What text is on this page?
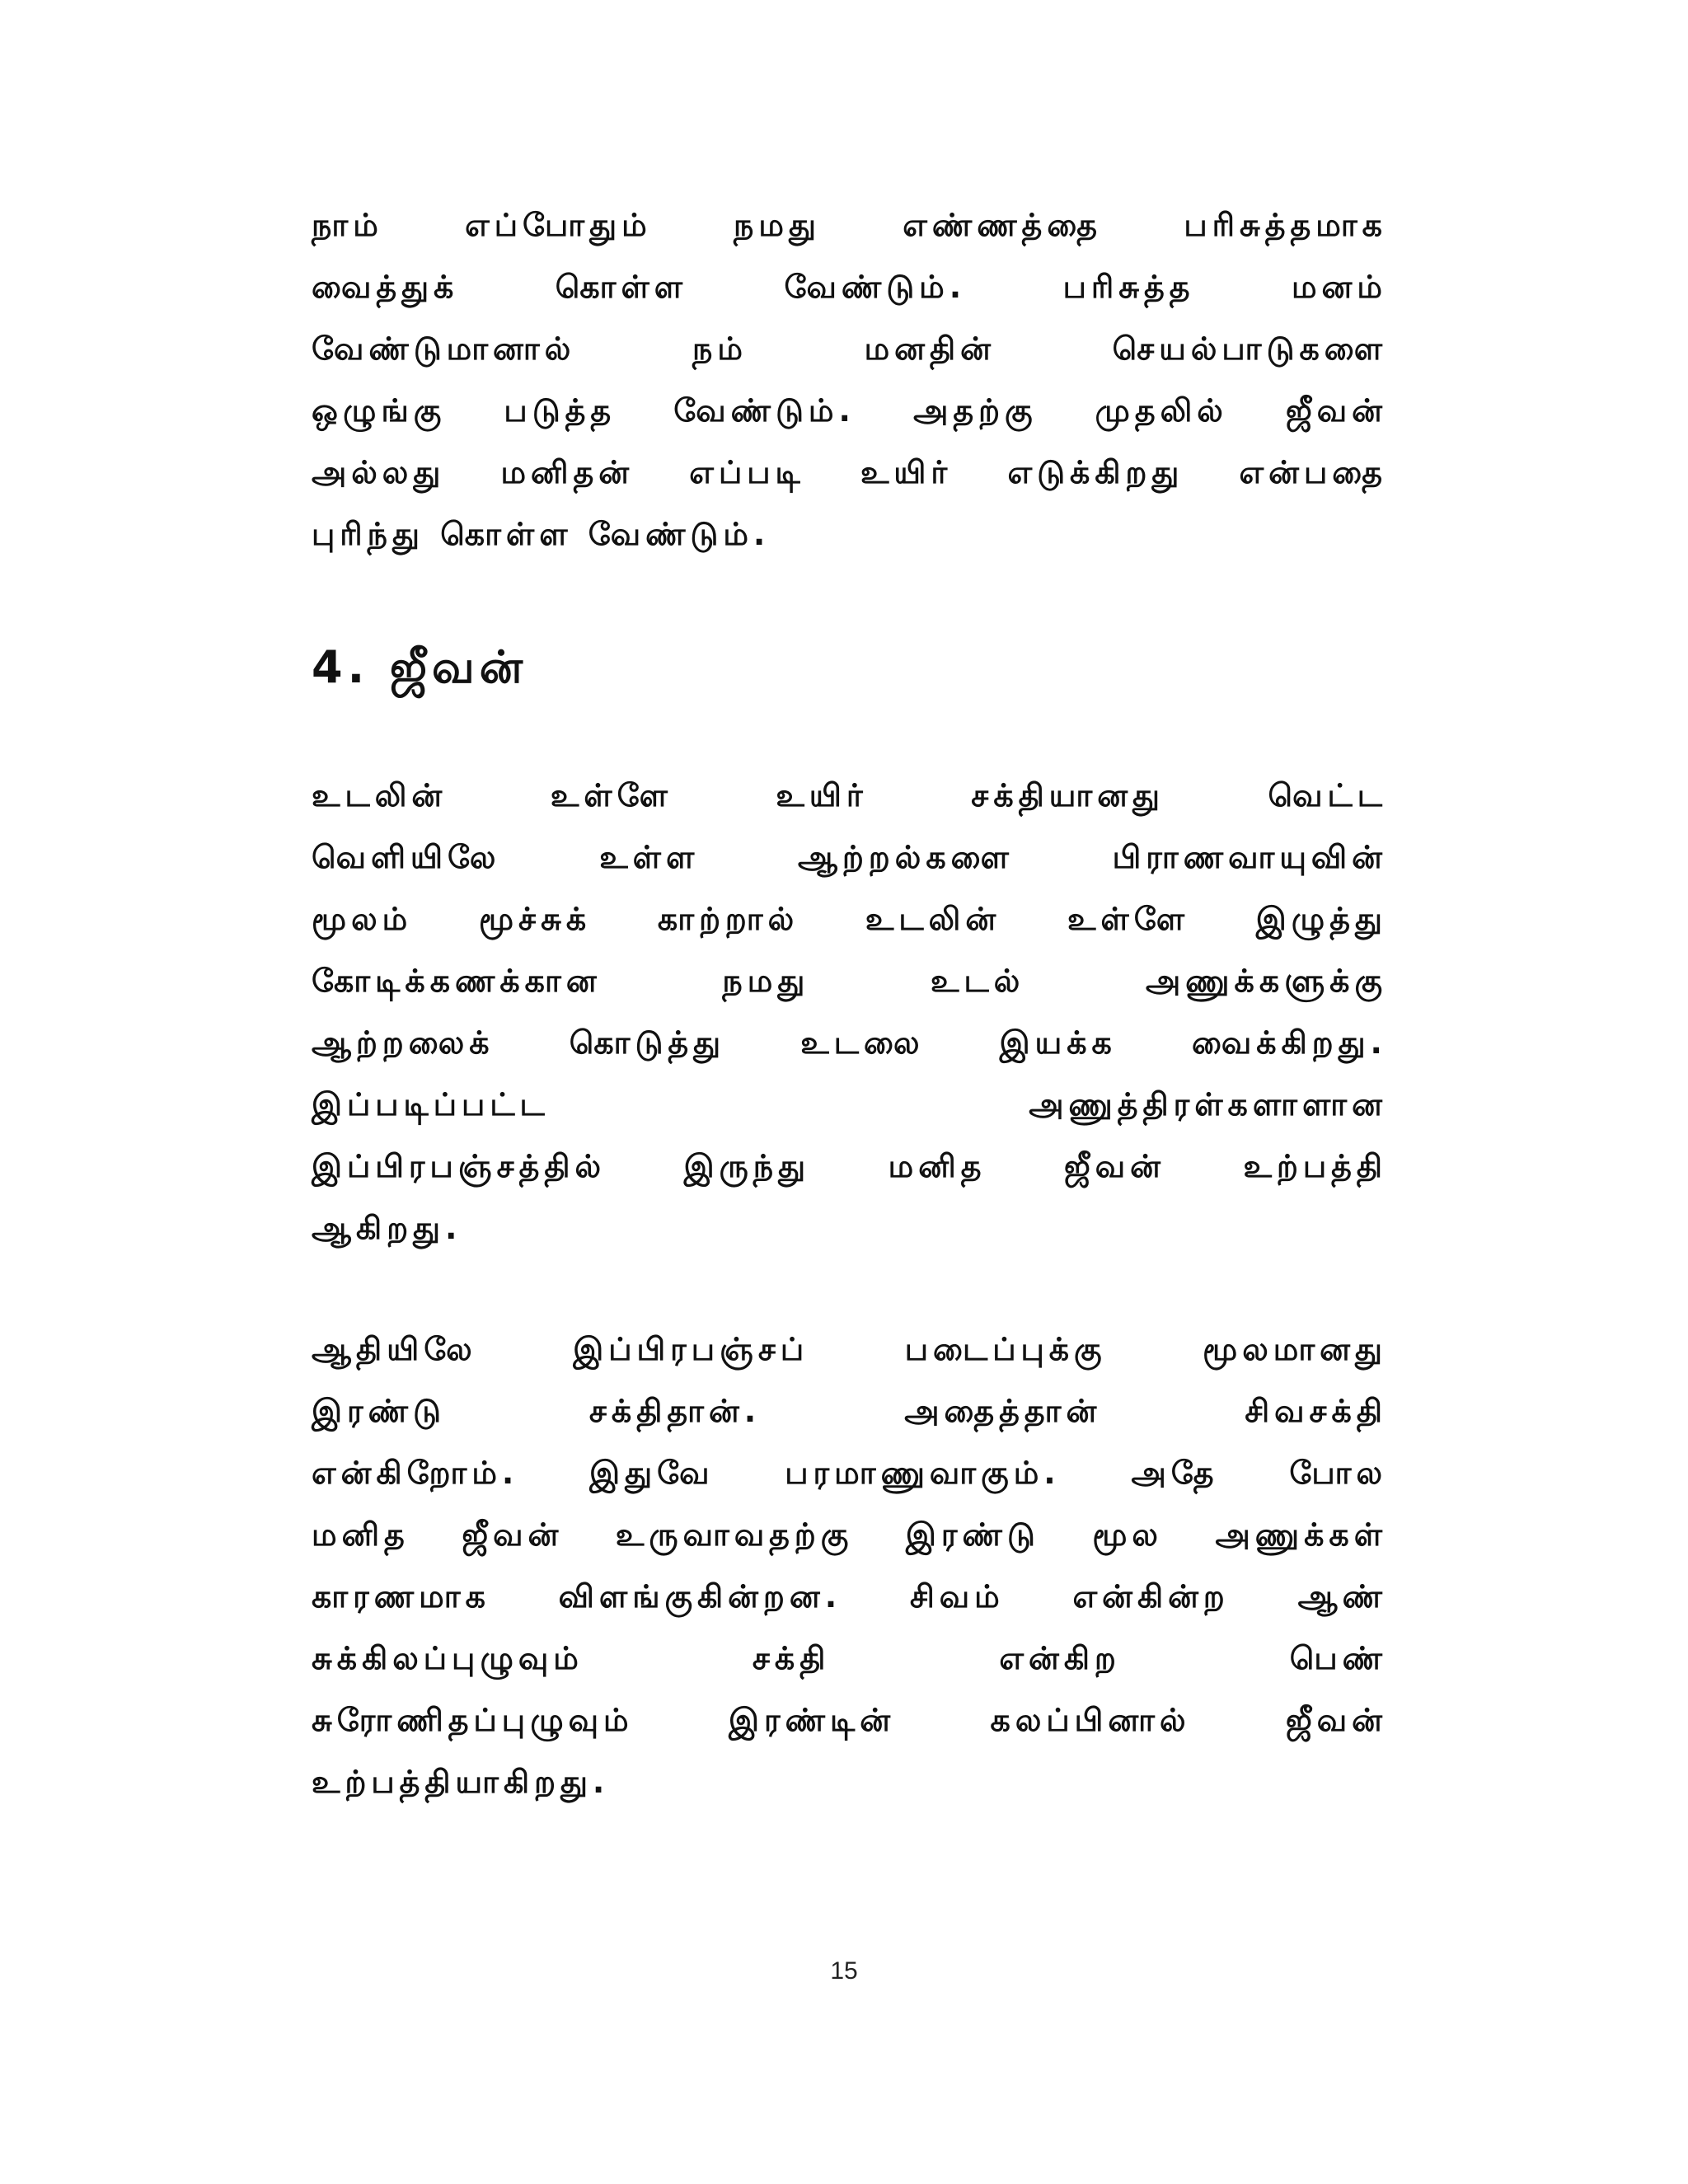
நாம் எப்போதும் நமது எண்ணத்தை பரிசுத்தமாக
வைத்துக் கொள்ள வேண்டும். பரிசுத்த மனம்
வேண்டுமானால் நம் மனதின் செயல்பாடுகளை
ஒழுங்கு படுத்த வேண்டும். அதற்கு முதலில் ஜீவன்
அல்லது மனிதன் எப்படி உயிர் எடுக்கிறது என்பதை
புரிந்து கொள்ள வேண்டும்.
4. ஜீவன்
உடலின் உள்ளே உயிர் சக்தியானது வெட்ட
வெளியிலே உள்ள ஆற்றல்களை பிராணவாயுவின்
மூலம் மூச்சுக் காற்றால் உடலின் உள்ளே இழுத்து
கோடிக்கணக்கான நமது உடல் அணுக்களுக்கு
ஆற்றலைக் கொடுத்து உடலை இயக்க வைக்கிறது.
இப்படிப்பட்ட அணுத்திரள்களாளான
இப்பிரபஞ்சத்தில் இருந்து மனித ஜீவன் உற்பத்தி
ஆகிறது.
ஆதியிலே இப்பிரபஞ்சப் படைப்புக்கு மூலமானது
இரண்டு சக்திதான். அதைத்தான் சிவசக்தி
என்கிறோம். இதுவே பரமாணுவாகும். அதே போல
மனித ஜீவன் உருவாவதற்கு இரண்டு மூல அணுக்கள்
காரணமாக விளங்குகின்றன. சிவம் என்கின்ற ஆண்
சுக்கிலப்புழுவும் சக்தி என்கிற பெண்
சுரோணிதப்புழுவும் இரண்டின் கலப்பினால் ஜீவன்
உற்பத்தியாகிறது.
15
